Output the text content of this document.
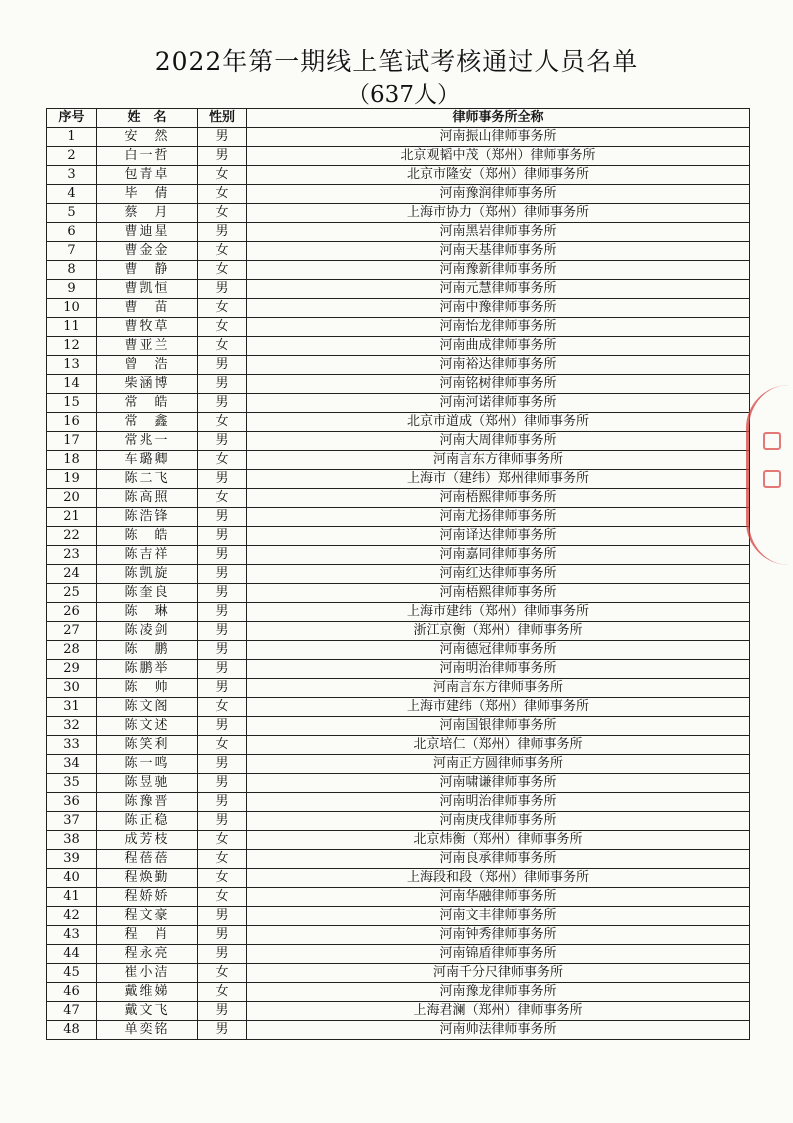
2022年第一期线上笔试考核通过人员名单
（637人）
序号	姓　名	性别	律师事务所全称
1	安　然	男	河南振山律师事务所
2	白一哲	男	北京观韬中茂（郑州）律师事务所
3	包青卓	女	北京市隆安（郑州）律师事务所
4	毕　倩	女	河南豫润律师事务所
5	蔡　月	女	上海市协力（郑州）律师事务所
6	曹迪星	男	河南黑岩律师事务所
7	曹金金	女	河南天基律师事务所
8	曹　静	女	河南豫新律师事务所
9	曹凯恒	男	河南元慧律师事务所
10	曹　苗	女	河南中豫律师事务所
11	曹牧草	女	河南怡龙律师事务所
12	曹亚兰	女	河南曲成律师事务所
13	曾　浩	男	河南裕达律师事务所
14	柴涵博	男	河南铭树律师事务所
15	常　皓	男	河南河诺律师事务所
16	常　鑫	女	北京市道成（郑州）律师事务所
17	常兆一	男	河南大周律师事务所
18	车璐卿	女	河南言东方律师事务所
19	陈二飞	男	上海市（建纬）郑州律师事务所
20	陈高照	女	河南梧熙律师事务所
21	陈浩锋	男	河南尤扬律师事务所
22	陈　皓	男	河南译达律师事务所
23	陈吉祥	男	河南嘉同律师事务所
24	陈凯旋	男	河南红达律师事务所
25	陈奎良	男	河南梧熙律师事务所
26	陈　琳	男	上海市建纬（郑州）律师事务所
27	陈凌剑	男	浙江京衡（郑州）律师事务所
28	陈　鹏	男	河南德冠律师事务所
29	陈鹏举	男	河南明治律师事务所
30	陈　帅	男	河南言东方律师事务所
31	陈文阁	女	上海市建纬（郑州）律师事务所
32	陈文述	男	河南国银律师事务所
33	陈笑利	女	北京培仁（郑州）律师事务所
34	陈一鸣	男	河南正方圆律师事务所
35	陈昱驰	男	河南啸谦律师事务所
36	陈豫晋	男	河南明治律师事务所
37	陈正稳	男	河南庚戌律师事务所
38	成芳枝	女	北京炜衡（郑州）律师事务所
39	程蓓蓓	女	河南良承律师事务所
40	程焕勤	女	上海段和段（郑州）律师事务所
41	程娇娇	女	河南华融律师事务所
42	程文豪	男	河南文丰律师事务所
43	程　肖	男	河南钟秀律师事务所
44	程永亮	男	河南锦盾律师事务所
45	崔小洁	女	河南千分尺律师事务所
46	戴维娣	女	河南豫龙律师事务所
47	戴文飞	男	上海君澜（郑州）律师事务所
48	单奕铭	男	河南帅法律师事务所
